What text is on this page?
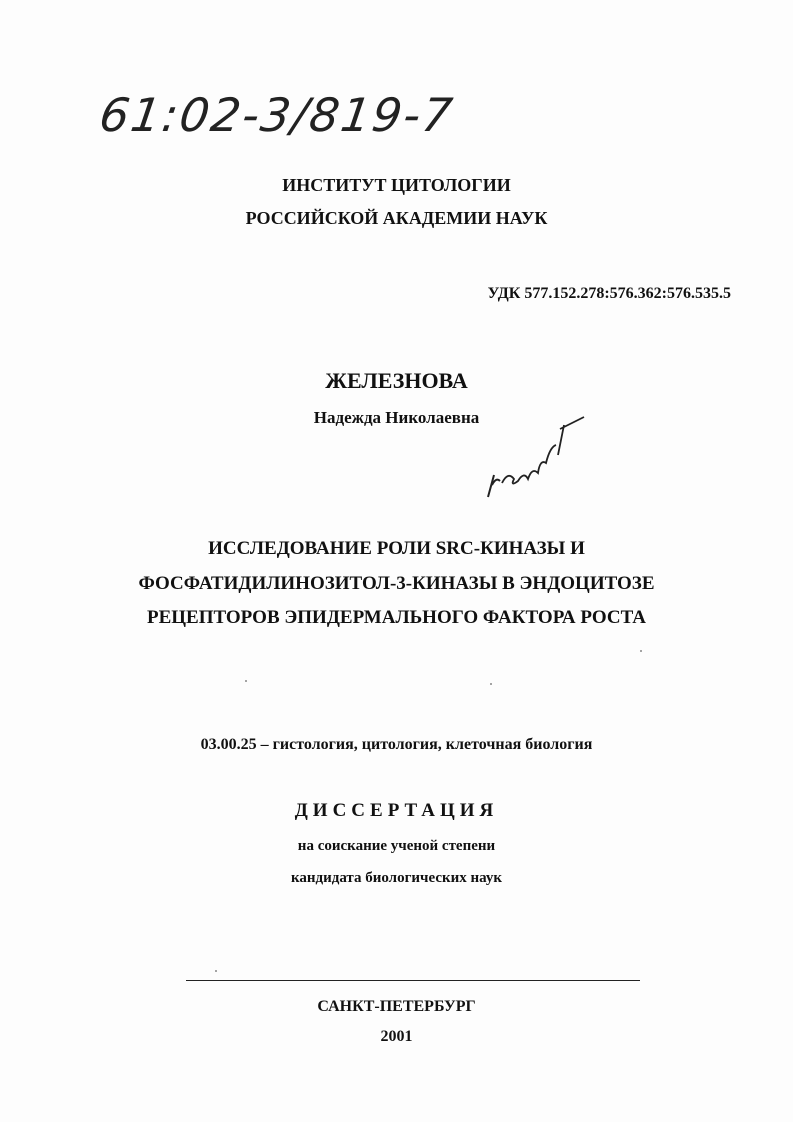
61:02-3/819-7
ИНСТИТУТ ЦИТОЛОГИИ
РОССИЙСКОЙ АКАДЕМИИ НАУК
УДК 577.152.278:576.362:576.535.5
ЖЕЛЕЗНОВА
Надежда Николаевна
ИССЛЕДОВАНИЕ РОЛИ SRC-КИНАЗЫ И
ФОСФАТИДИЛИНОЗИТОЛ-3-КИНАЗЫ В ЭНДОЦИТОЗЕ
РЕЦЕПТОРОВ ЭПИДЕРМАЛЬНОГО ФАКТОРА РОСТА
03.00.25 – гистология, цитология, клеточная биология
ДИССЕРТАЦИЯ
на соискание ученой степени
кандидата биологических наук
САНКТ-ПЕТЕРБУРГ
2001
